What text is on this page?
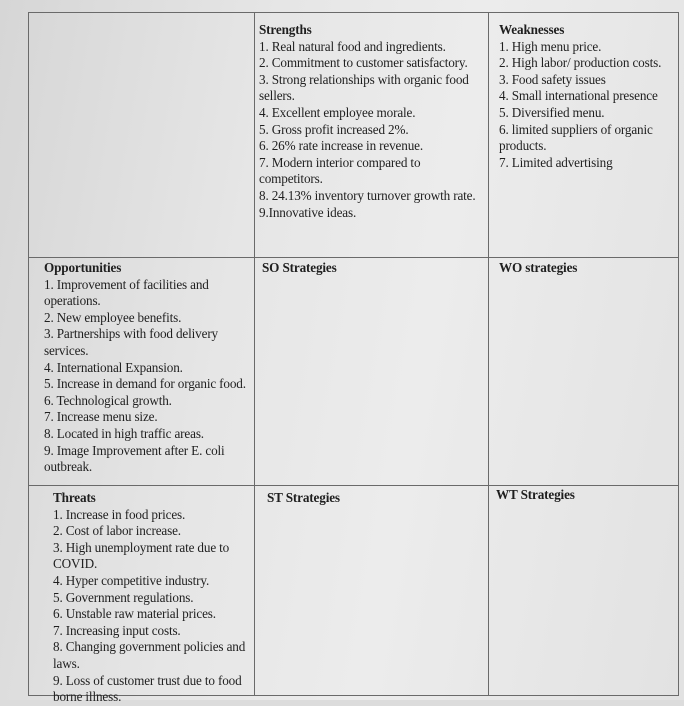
Strengths
1. Real natural food and ingredients.
2. Commitment to customer satisfactory.
3. Strong relationships with organic food sellers.
4. Excellent employee morale.
5. Gross profit increased 2%.
6. 26% rate increase in revenue.
7. Modern interior compared to competitors.
8. 24.13% inventory turnover growth rate.
9.Innovative ideas.
Weaknesses
1. High menu price.
2. High labor/ production costs.
3. Food safety issues
4. Small international presence
5. Diversified menu.
6. limited suppliers of organic products.
7. Limited advertising
Opportunities
1. Improvement of facilities and operations.
2. New employee benefits.
3. Partnerships with food delivery services.
4. International Expansion.
5. Increase in demand for organic food.
6. Technological growth.
7. Increase menu size.
8. Located in high traffic areas.
9. Image Improvement after E. coli outbreak.
SO Strategies	WO strategies
Threats
1. Increase in food prices.
2. Cost of labor increase.
3. High unemployment rate due to COVID.
4. Hyper competitive industry.
5. Government regulations.
6. Unstable raw material prices.
7. Increasing input costs.
8. Changing government policies and laws.
9. Loss of customer trust due to food borne illness.
ST Strategies	WT Strategies
